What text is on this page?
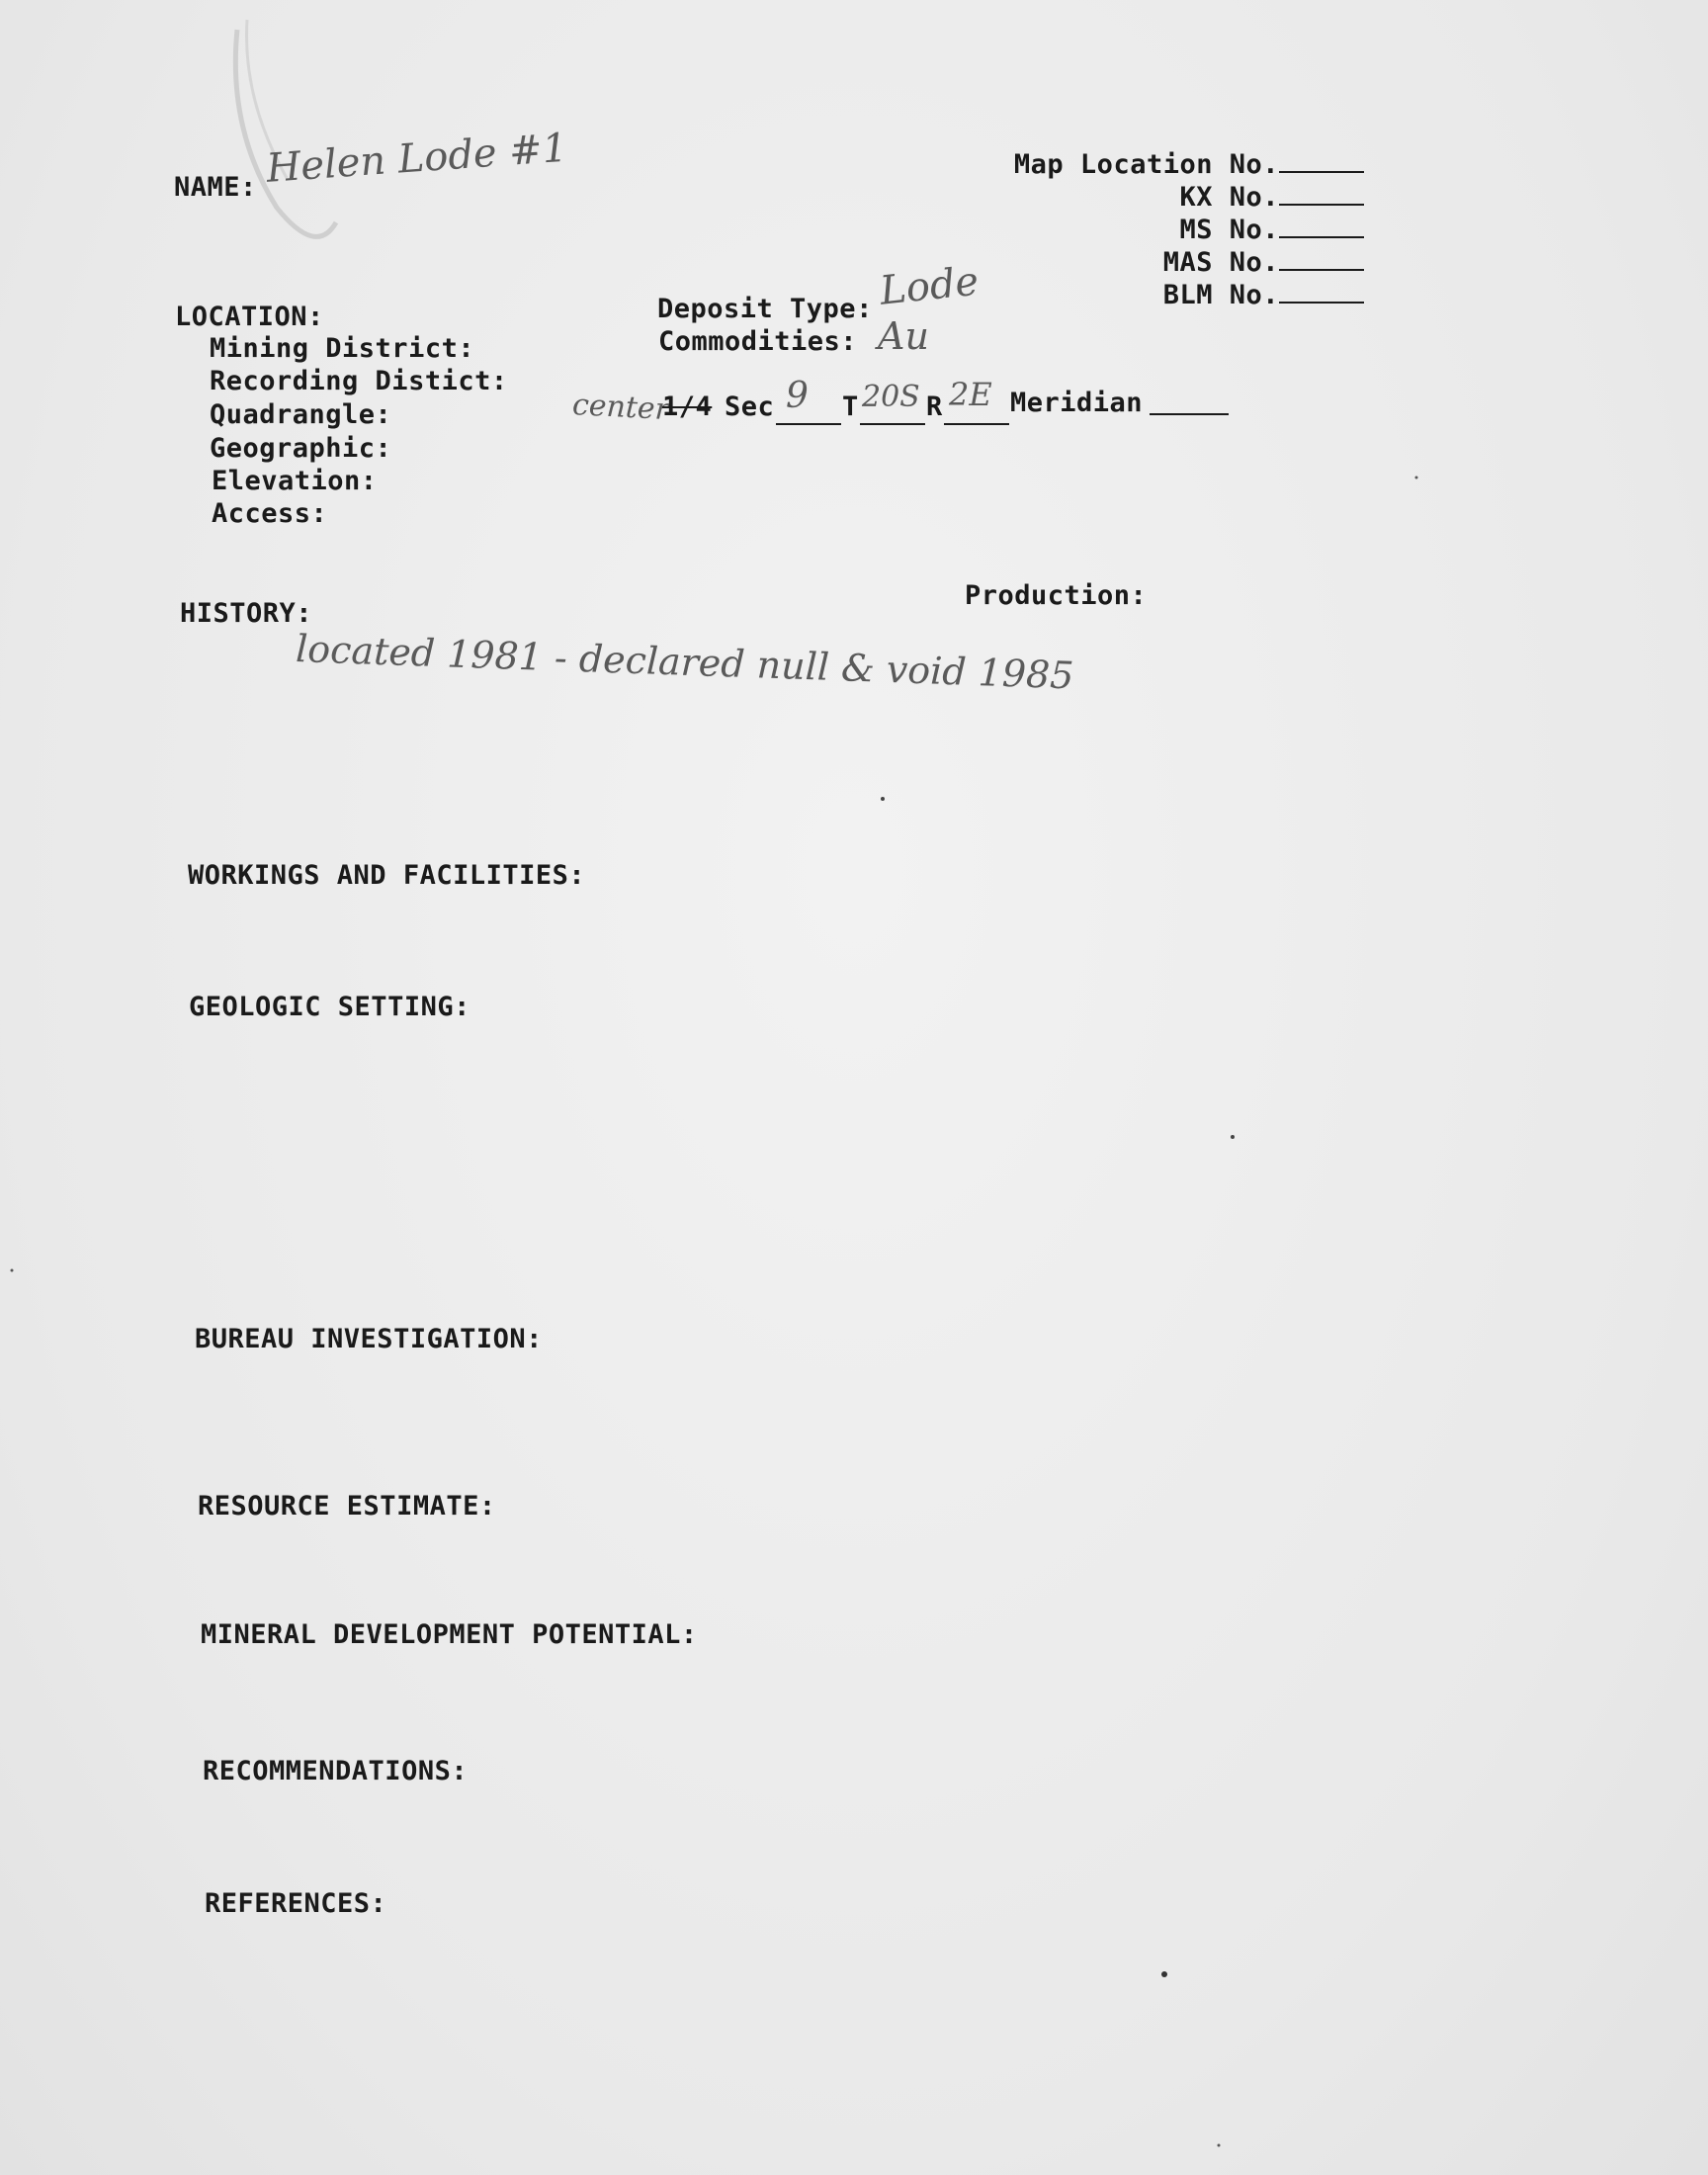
NAME: Helen Lode #1	Map Location No.
KX No.
MS No.
MAS No.
BLM No.
LOCATION:
Mining District:
Recording Distict:
Quadrangle:
Geographic:
Elevation:
Access:
Deposit Type: Lode
Commodities: Au
center
1/4 Sec 9 T 20S R 2E Meridian
HISTORY:
located 1981 - declared null & void 1985
Production:
WORKINGS AND FACILITIES:
GEOLOGIC SETTING:
BUREAU INVESTIGATION:
RESOURCE ESTIMATE:
MINERAL DEVELOPMENT POTENTIAL:
RECOMMENDATIONS:
REFERENCES:
